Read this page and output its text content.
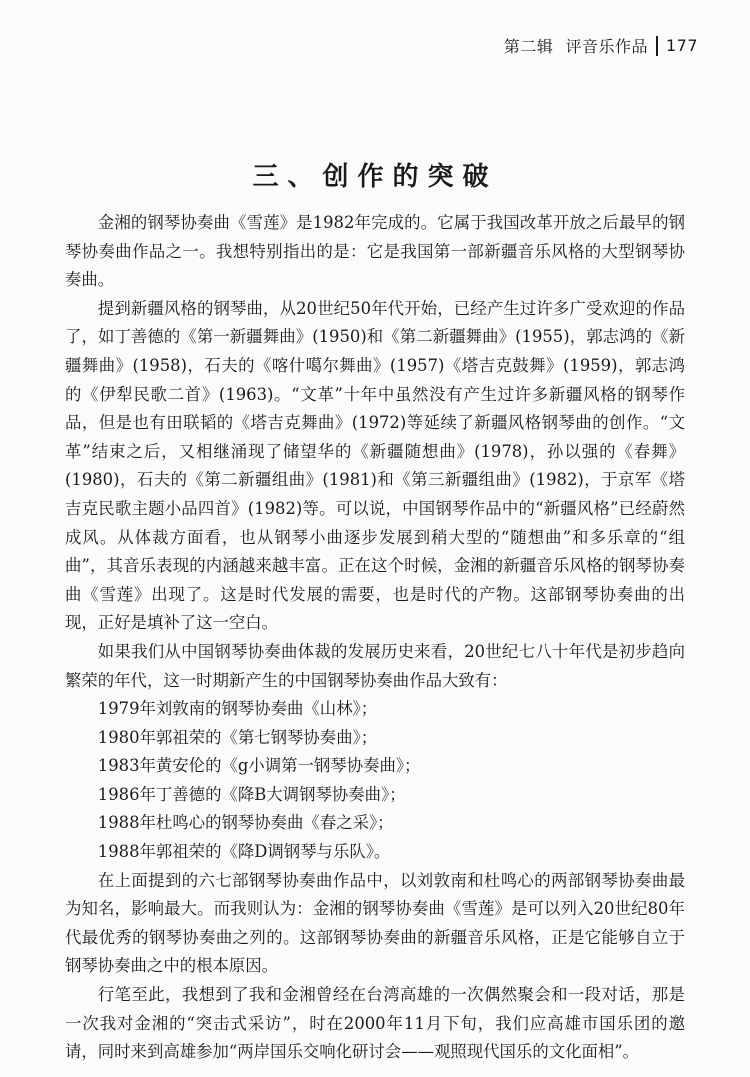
第二辑 评音乐作品 177
三、创作的突破

金湘的钢琴协奏曲《雪莲》是1982年完成的。它属于我国改革开放之后最早的钢琴协奏曲作品之一。我想特别指出的是：它是我国第一部新疆音乐风格的大型钢琴协奏曲。

提到新疆风格的钢琴曲，从20世纪50年代开始，已经产生过许多广受欢迎的作品了，如丁善德的《第一新疆舞曲》(1950)和《第二新疆舞曲》(1955)，郭志鸿的《新疆舞曲》(1958)，石夫的《喀什噶尔舞曲》(1957)《塔吉克鼓舞》(1959)，郭志鸿的《伊犁民歌二首》(1963)。“文革”十年中虽然没有产生过许多新疆风格的钢琴作品，但是也有田联韬的《塔吉克舞曲》(1972)等延续了新疆风格钢琴曲的创作。“文革”结束之后，又相继涌现了储望华的《新疆随想曲》(1978)，孙以强的《春舞》(1980)，石夫的《第二新疆组曲》(1981)和《第三新疆组曲》(1982)，于京军《塔吉克民歌主题小品四首》(1982)等。可以说，中国钢琴作品中的“新疆风格”已经蔚然成风。从体裁方面看，也从钢琴小曲逐步发展到稍大型的“随想曲”和多乐章的“组曲”，其音乐表现的内涵越来越丰富。正在这个时候，金湘的新疆音乐风格的钢琴协奏曲《雪莲》出现了。这是时代发展的需要，也是时代的产物。这部钢琴协奏曲的出现，正好是填补了这一空白。

如果我们从中国钢琴协奏曲体裁的发展历史来看，20世纪七八十年代是初步趋向繁荣的年代，这一时期新产生的中国钢琴协奏曲作品大致有：

1979年刘敦南的钢琴协奏曲《山林》；

1980年郭祖荣的《第七钢琴协奏曲》；

1983年黄安伦的《g小调第一钢琴协奏曲》；

1986年丁善德的《降B大调钢琴协奏曲》；

1988年杜鸣心的钢琴协奏曲《春之采》；

1988年郭祖荣的《降D调钢琴与乐队》。

在上面提到的六七部钢琴协奏曲作品中，以刘敦南和杜鸣心的两部钢琴协奏曲最为知名，影响最大。而我则认为：金湘的钢琴协奏曲《雪莲》是可以列入20世纪80年代最优秀的钢琴协奏曲之列的。这部钢琴协奏曲的新疆音乐风格，正是它能够自立于钢琴协奏曲之中的根本原因。

行笔至此，我想到了我和金湘曾经在台湾高雄的一次偶然聚会和一段对话，那是一次我对金湘的“突击式采访”，时在2000年11月下旬，我们应高雄市国乐团的邀请，同时来到高雄参加“两岸国乐交响化研讨会——观照现代国乐的文化面相”。
